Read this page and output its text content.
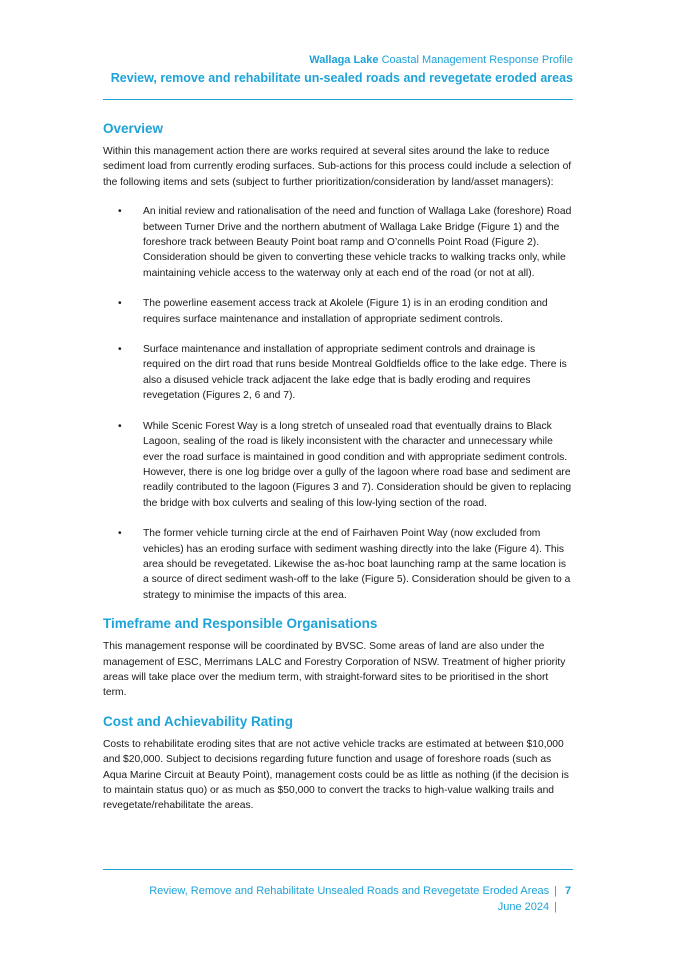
Wallaga Lake Coastal Management Response Profile
Review, remove and rehabilitate un-sealed roads and revegetate eroded areas
Overview

Within this management action there are works required at several sites around the lake to reduce sediment load from currently eroding surfaces. Sub-actions for this process could include a selection of the following items and sets (subject to further prioritization/consideration by land/asset managers):

• An initial review and rationalisation of the need and function of Wallaga Lake (foreshore) Road between Turner Drive and the northern abutment of Wallaga Lake Bridge (Figure 1) and the foreshore track between Beauty Point boat ramp and O’connells Point Road (Figure 2). Consideration should be given to converting these vehicle tracks to walking tracks only, while maintaining vehicle access to the waterway only at each end of the road (or not at all).
• The powerline easement access track at Akolele (Figure 1) is in an eroding condition and requires surface maintenance and installation of appropriate sediment controls.
• Surface maintenance and installation of appropriate sediment controls and drainage is required on the dirt road that runs beside Montreal Goldfields office to the lake edge. There is also a disused vehicle track adjacent the lake edge that is badly eroding and requires revegetation (Figures 2, 6 and 7).
• While Scenic Forest Way is a long stretch of unsealed road that eventually drains to Black Lagoon, sealing of the road is likely inconsistent with the character and unnecessary while ever the road surface is maintained in good condition and with appropriate sediment controls. However, there is one log bridge over a gully of the lagoon where road base and sediment are readily contributed to the lagoon (Figures 3 and 7). Consideration should be given to replacing the bridge with box culverts and sealing of this low-lying section of the road.
• The former vehicle turning circle at the end of Fairhaven Point Way (now excluded from vehicles) has an eroding surface with sediment washing directly into the lake (Figure 4). This area should be revegetated. Likewise the as-hoc boat launching ramp at the same location is a source of direct sediment wash-off to the lake (Figure 5). Consideration should be given to a strategy to minimise the impacts of this area.
Timeframe and Responsible Organisations

This management response will be coordinated by BVSC. Some areas of land are also under the management of ESC, Merrimans LALC and Forestry Corporation of NSW. Treatment of higher priority areas will take place over the medium term, with straight-forward sites to be prioritised in the short term.

Cost and Achievability Rating

Costs to rehabilitate eroding sites that are not active vehicle tracks are estimated at between $10,000 and $20,000. Subject to decisions regarding future function and usage of foreshore roads (such as Aqua Marine Circuit at Beauty Point), management costs could be as little as nothing (if the decision is to maintain status quo) or as much as $50,000 to convert the tracks to high-value walking trails and revegetate/rehabilitate the areas.

Review, Remove and Rehabilitate Unsealed Roads and Revegetate Eroded Areas | 7
June 2024 |
